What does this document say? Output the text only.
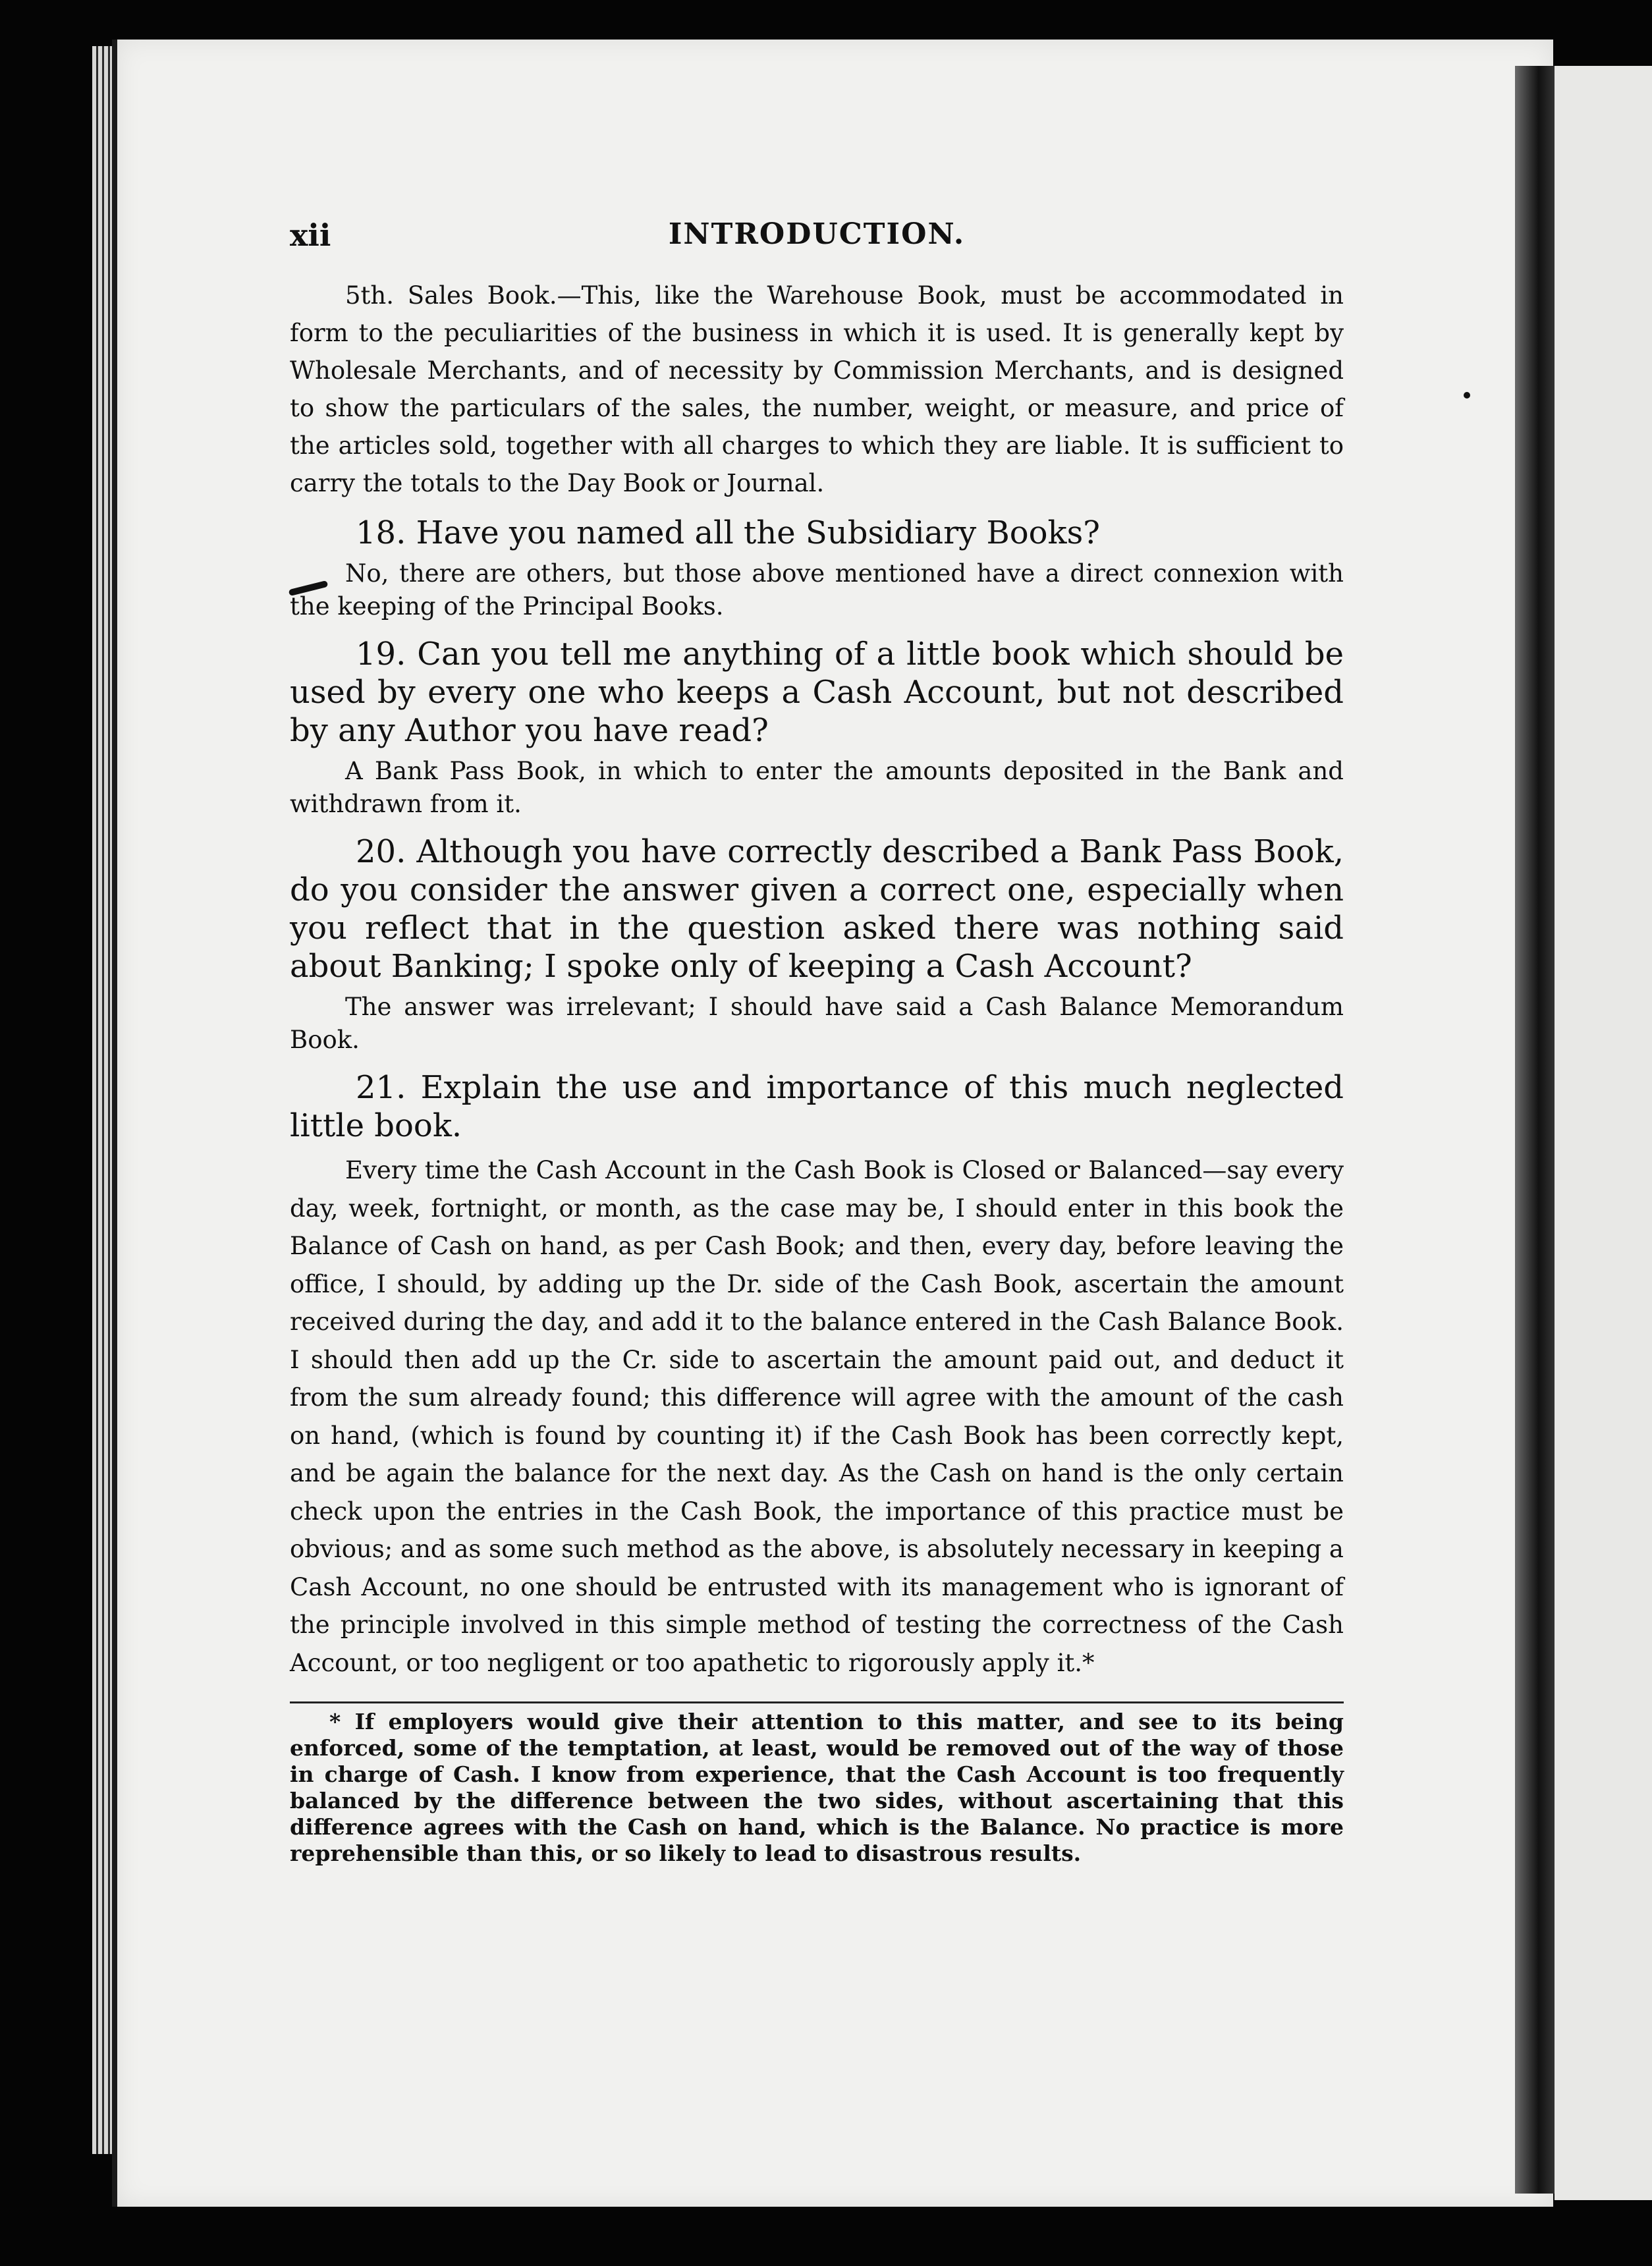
xii	INTRODUCTION.

5th. Sales Book.—This, like the Warehouse Book, must be accommodated in form to the peculiarities of the business in which it is used. It is generally kept by Wholesale Merchants, and of necessity by Commission Merchants, and is designed to show the particulars of the sales, the number, weight, or measure, and price of the articles sold, together with all charges to which they are liable. It is sufficient to carry the totals to the Day Book or Journal.

18. Have you named all the Subsidiary Books?

No, there are others, but those above mentioned have a direct connexion with the keeping of the Principal Books.

19. Can you tell me anything of a little book which should be used by every one who keeps a Cash Account, but not described by any Author you have read?

A Bank Pass Book, in which to enter the amounts deposited in the Bank and withdrawn from it.

20. Although you have correctly described a Bank Pass Book, do you consider the answer given a correct one, especially when you reflect that in the question asked there was nothing said about Banking; I spoke only of keeping a Cash Account?

The answer was irrelevant; I should have said a Cash Balance Memorandum Book.

21. Explain the use and importance of this much neglected little book.

Every time the Cash Account in the Cash Book is Closed or Balanced—say every day, week, fortnight, or month, as the case may be, I should enter in this book the Balance of Cash on hand, as per Cash Book; and then, every day, before leaving the office, I should, by adding up the Dr. side of the Cash Book, ascertain the amount received during the day, and add it to the balance entered in the Cash Balance Book. I should then add up the Cr. side to ascertain the amount paid out, and deduct it from the sum already found; this difference will agree with the amount of the cash on hand, (which is found by counting it) if the Cash Book has been correctly kept, and be again the balance for the next day. As the Cash on hand is the only certain check upon the entries in the Cash Book, the importance of this practice must be obvious; and as some such method as the above, is absolutely necessary in keeping a Cash Account, no one should be entrusted with its management who is ignorant of the principle involved in this simple method of testing the correctness of the Cash Account, or too negligent or too apathetic to rigorously apply it.*

* If employers would give their attention to this matter, and see to its being enforced, some of the temptation, at least, would be removed out of the way of those in charge of Cash. I know from experience, that the Cash Account is too frequently balanced by the difference between the two sides, without ascertaining that this difference agrees with the Cash on hand, which is the Balance. No practice is more reprehensible than this, or so likely to lead to disastrous results.
